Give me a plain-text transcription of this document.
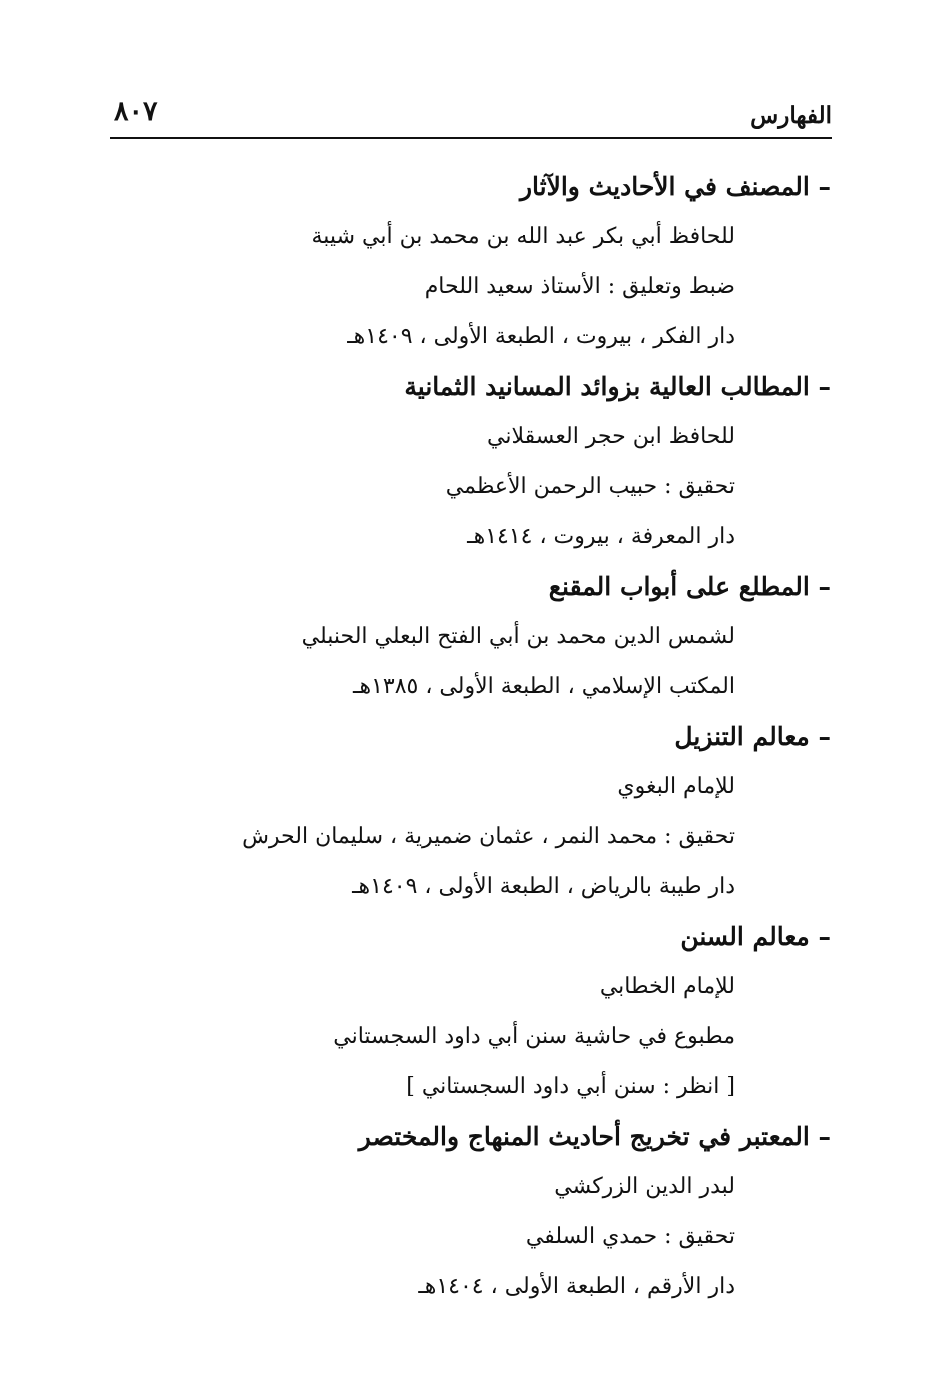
الفهارس
٨٠٧
– المصنف في الأحاديث والآثار
للحافظ أبي بكر عبد الله بن محمد بن أبي شيبة
ضبط وتعليق : الأستاذ سعيد اللحام
دار الفكر ، بيروت ، الطبعة الأولى ، ١٤٠٩هـ
– المطالب العالية بزوائد المسانيد الثمانية
للحافظ ابن حجر العسقلاني
تحقيق : حبيب الرحمن الأعظمي
دار المعرفة ، بيروت ، ١٤١٤هـ
– المطلع على أبواب المقنع
لشمس الدين محمد بن أبي الفتح البعلي الحنبلي
المكتب الإسلامي ، الطبعة الأولى ، ١٣٨٥هـ
– معالم التنزيل
للإمام البغوي
تحقيق : محمد النمر ، عثمان ضميرية ، سليمان الحرش
دار طيبة بالرياض ، الطبعة الأولى ، ١٤٠٩هـ
– معالم السنن
للإمام الخطابي
مطبوع في حاشية سنن أبي داود السجستاني
[ انظر : سنن أبي داود السجستاني ]
– المعتبر في تخريج أحاديث المنهاج والمختصر
لبدر الدين الزركشي
تحقيق : حمدي السلفي
دار الأرقم ، الطبعة الأولى ، ١٤٠٤هـ
